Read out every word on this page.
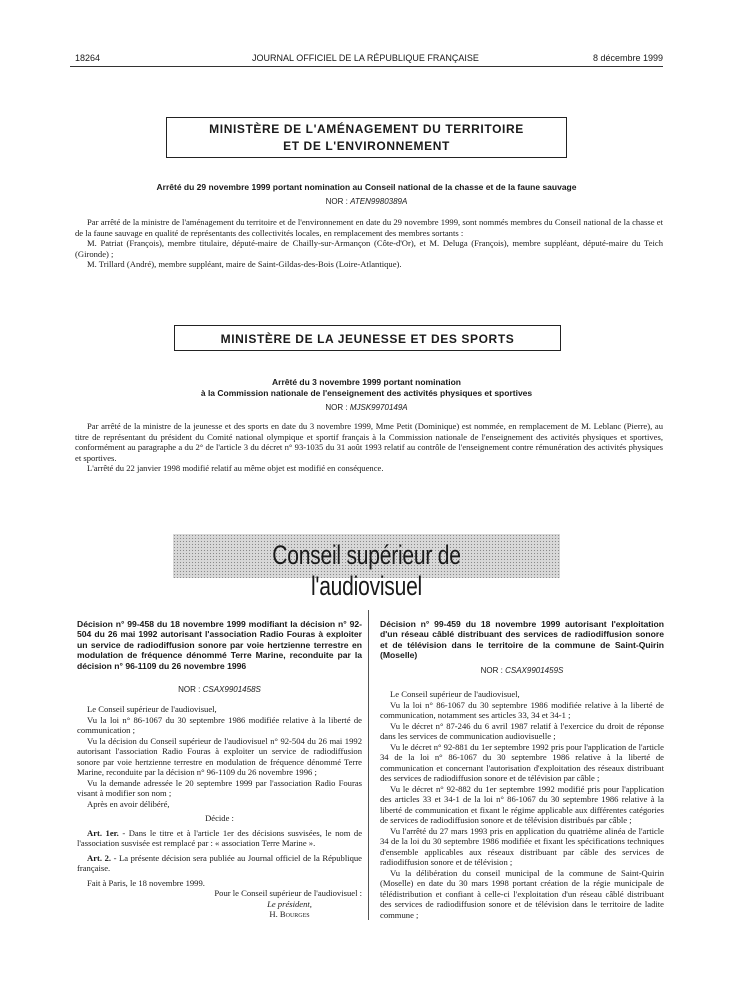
18264	JOURNAL OFFICIEL DE LA RÉPUBLIQUE FRANÇAISE	8 décembre 1999
MINISTÈRE DE L'AMÉNAGEMENT DU TERRITOIRE
ET DE L'ENVIRONNEMENT
Arrêté du 29 novembre 1999 portant nomination au Conseil national de la chasse et de la faune sauvage
NOR : ATEN9980389A

Par arrêté de la ministre de l'aménagement du territoire et de l'environnement en date du 29 novembre 1999, sont nommés membres du Conseil national de la chasse et de la faune sauvage en qualité de représentants des collectivités locales, en remplacement des membres sortants :

M. Patriat (François), membre titulaire, député-maire de Chailly-sur-Armançon (Côte-d'Or), et M. Deluga (François), membre suppléant, député-maire du Teich (Gironde) ;

M. Trillard (André), membre suppléant, maire de Saint-Gildas-des-Bois (Loire-Atlantique).

MINISTÈRE DE LA JEUNESSE ET DES SPORTS
Arrêté du 3 novembre 1999 portant nomination
à la Commission nationale de l'enseignement des activités physiques et sportives
NOR : MJSK9970149A

Par arrêté de la ministre de la jeunesse et des sports en date du 3 novembre 1999, Mme Petit (Dominique) est nommée, en remplacement de M. Leblanc (Pierre), au titre de représentant du président du Comité national olympique et sportif français à la Commission nationale de l'enseignement des activités physiques et sportives, conformément au paragraphe a du 2° de l'article 3 du décret n° 93-1035 du 31 août 1993 relatif au contrôle de l'enseignement contre rémunération des activités physiques et sportives.

L'arrêté du 22 janvier 1998 modifié relatif au même objet est modifié en conséquence.

Conseil supérieur de l'audiovisuel
Décision n° 99-458 du 18 novembre 1999 modifiant la décision n° 92-504 du 26 mai 1992 autorisant l'association Radio Fouras à exploiter un service de radiodiffusion sonore par voie hertzienne terrestre en modulation de fréquence dénommé Terre Marine, reconduite par la décision n° 96-1109 du 26 novembre 1996
NOR : CSAX9901458S

Le Conseil supérieur de l'audiovisuel,

Vu la loi n° 86-1067 du 30 septembre 1986 modifiée relative à la liberté de communication ;

Vu la décision du Conseil supérieur de l'audiovisuel n° 92-504 du 26 mai 1992 autorisant l'association Radio Fouras à exploiter un service de radiodiffusion sonore par voie hertzienne terrestre en modulation de fréquence dénommé Terre Marine, reconduite par la décision n° 96-1109 du 26 novembre 1996 ;

Vu la demande adressée le 20 septembre 1999 par l'association Radio Fouras visant à modifier son nom ;

Après en avoir délibéré,

Décide :

Art. 1er. - Dans le titre et à l'article 1er des décisions susvisées, le nom de l'association susvisée est remplacé par : « association Terre Marine ».

Art. 2. - La présente décision sera publiée au Journal officiel de la République française.

Fait à Paris, le 18 novembre 1999.

Pour le Conseil supérieur de l'audiovisuel :

Le président,

H. Bourges

Décision n° 99-459 du 18 novembre 1999 autorisant l'exploitation d'un réseau câblé distribuant des services de radiodiffusion sonore et de télévision dans le territoire de la commune de Saint-Quirin (Moselle)
NOR : CSAX9901459S

Le Conseil supérieur de l'audiovisuel,

Vu la loi n° 86-1067 du 30 septembre 1986 modifiée relative à la liberté de communication, notamment ses articles 33, 34 et 34-1 ;

Vu le décret n° 87-246 du 6 avril 1987 relatif à l'exercice du droit de réponse dans les services de communication audiovisuelle ;

Vu le décret n° 92-881 du 1er septembre 1992 pris pour l'application de l'article 34 de la loi n° 86-1067 du 30 septembre 1986 relative à la liberté de communication et concernant l'autorisation d'exploitation des réseaux distribuant des services de radiodiffusion sonore et de télévision par câble ;

Vu le décret n° 92-882 du 1er septembre 1992 modifié pris pour l'application des articles 33 et 34-1 de la loi n° 86-1067 du 30 septembre 1986 relative à la liberté de communication et fixant le régime applicable aux différentes catégories de services de radiodiffusion sonore et de télévision distribués par câble ;

Vu l'arrêté du 27 mars 1993 pris en application du quatrième alinéa de l'article 34 de la loi du 30 septembre 1986 modifiée et fixant les spécifications techniques d'ensemble applicables aux réseaux distribuant par câble des services de radiodiffusion sonore et de télévision ;

Vu la délibération du conseil municipal de la commune de Saint-Quirin (Moselle) en date du 30 mars 1998 portant création de la régie municipale de télédistribution et confiant à celle-ci l'exploitation d'un réseau câblé distribuant des services de radiodiffusion sonore et de télévision dans le territoire de ladite commune ;
